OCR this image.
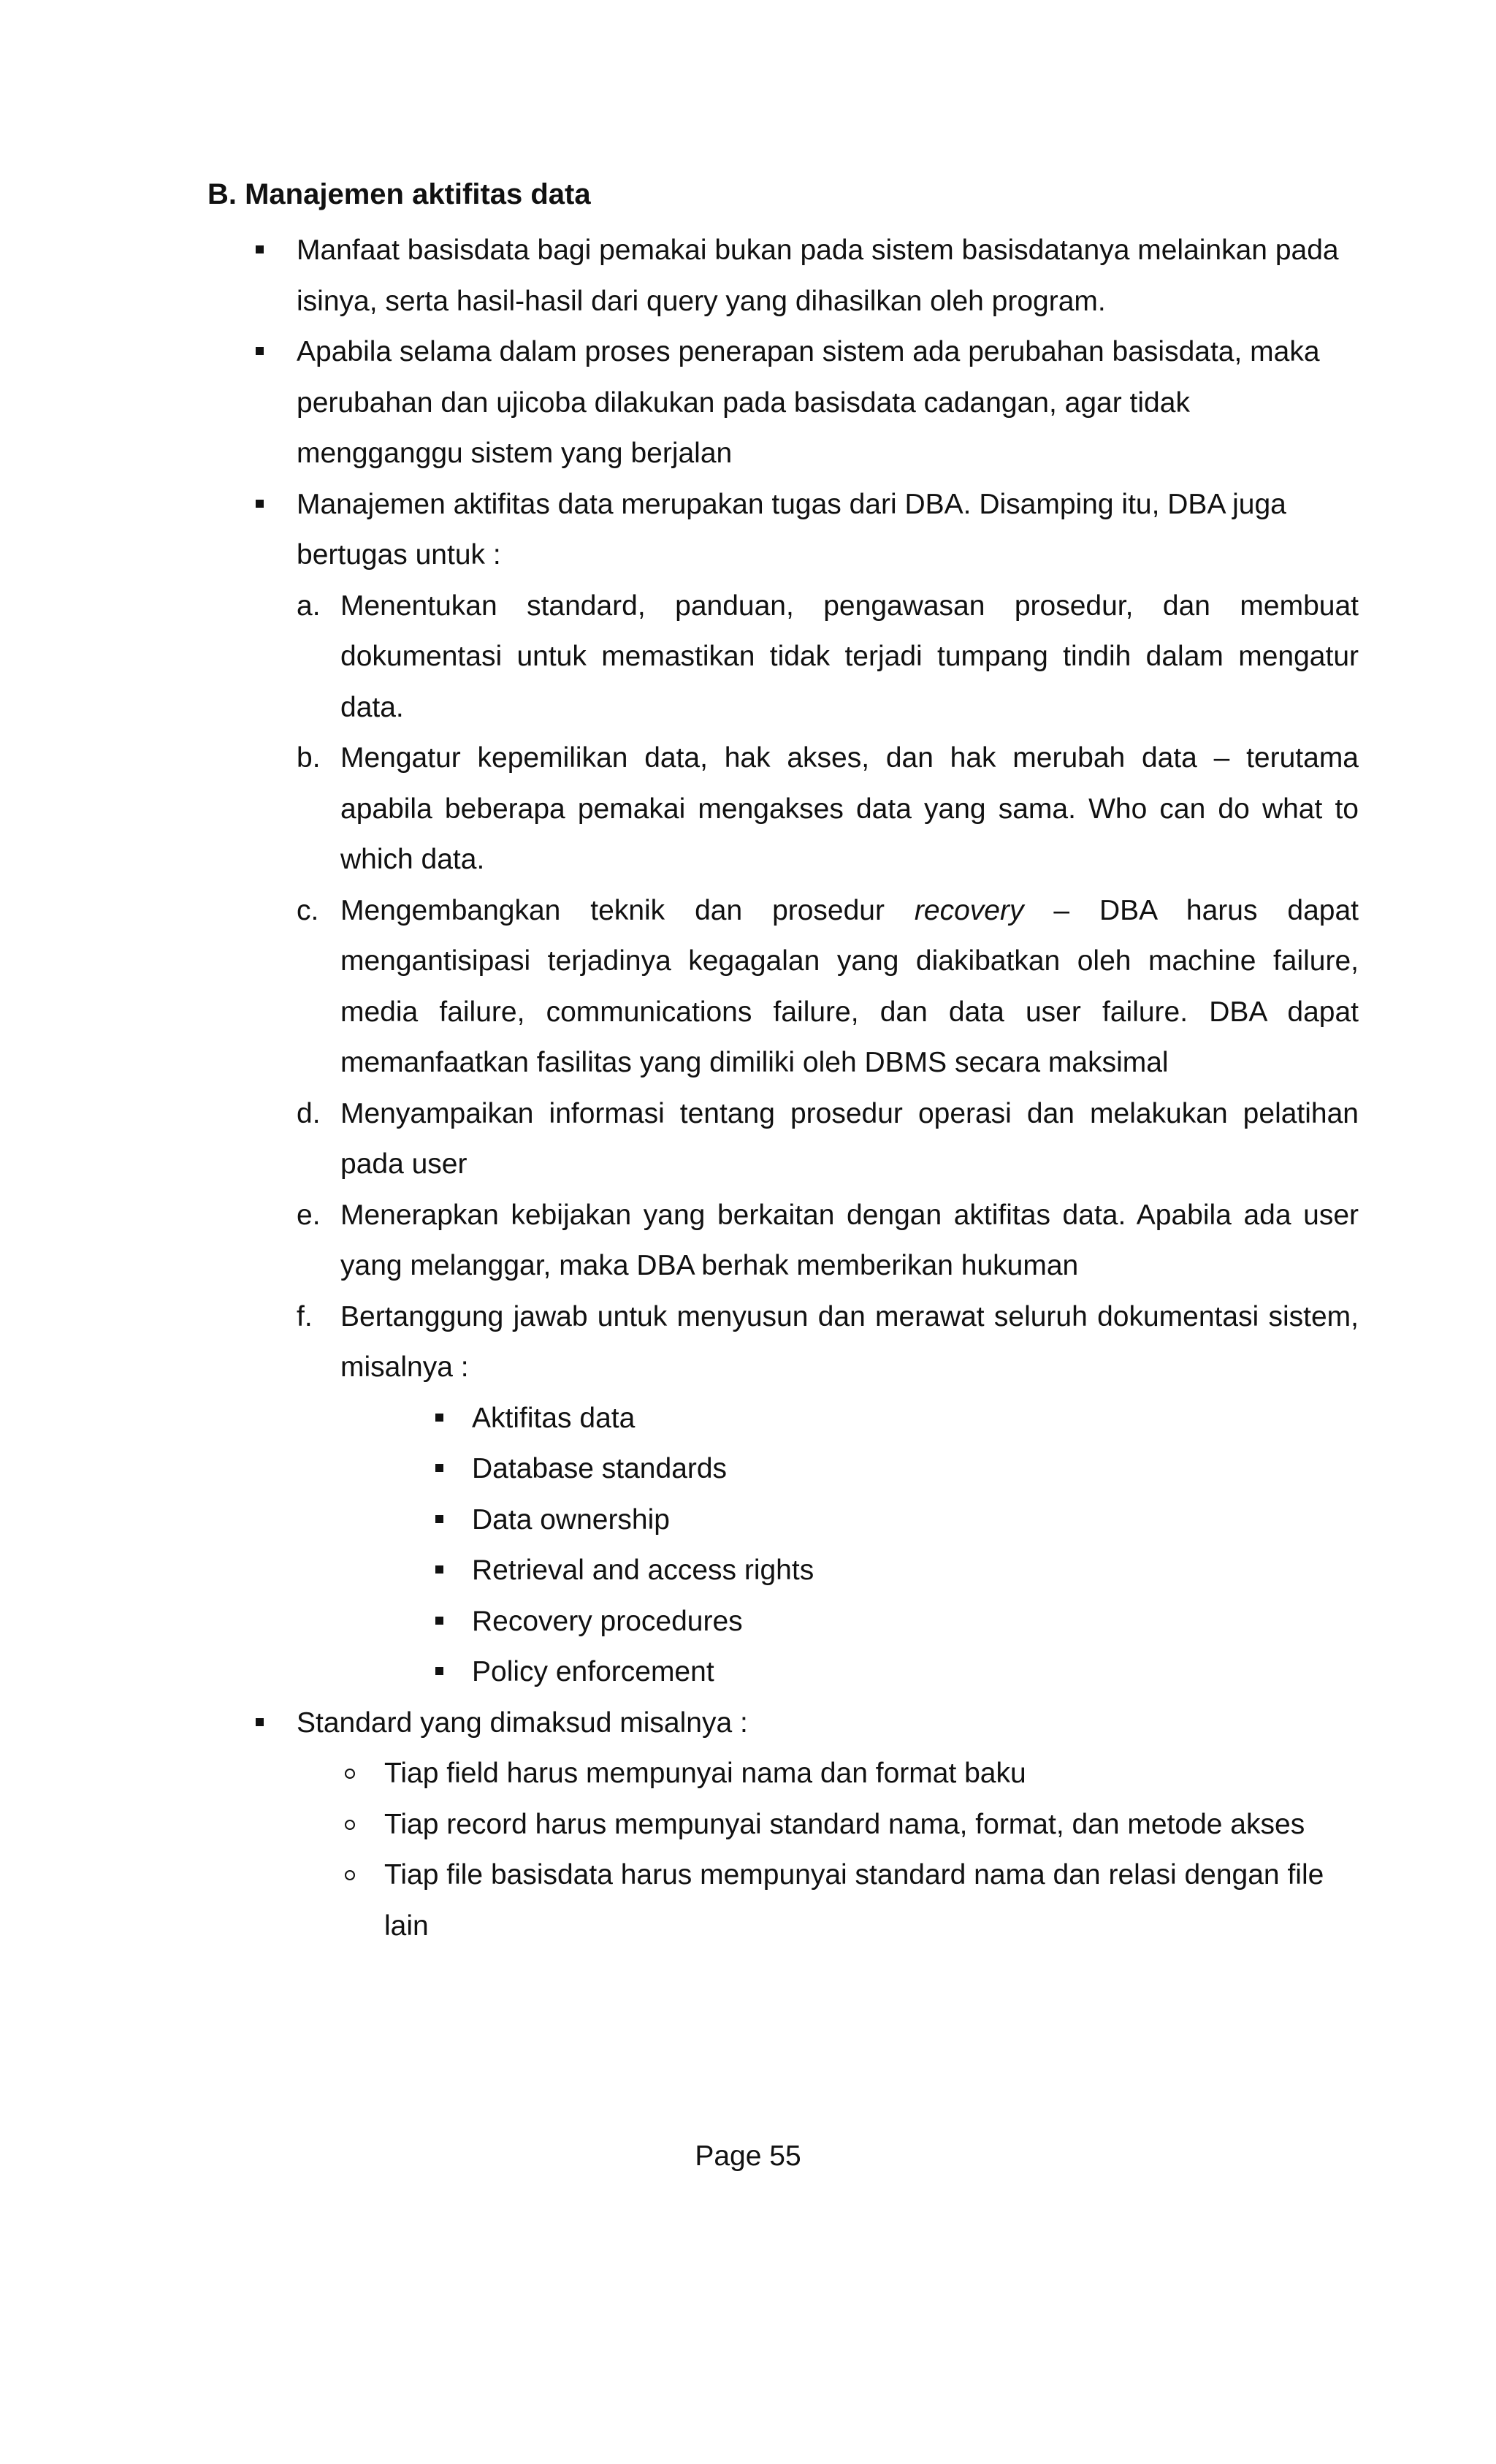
B. Manajemen aktifitas data
Manfaat basisdata bagi pemakai bukan pada sistem basisdatanya melainkan pada isinya, serta hasil-hasil dari query yang dihasilkan oleh program.
Apabila selama dalam proses penerapan sistem ada perubahan basisdata, maka perubahan dan ujicoba dilakukan pada basisdata cadangan, agar tidak mengganggu sistem yang berjalan
Manajemen aktifitas data merupakan tugas dari DBA. Disamping itu, DBA juga bertugas untuk :
a. Menentukan standard, panduan, pengawasan prosedur, dan membuat dokumentasi untuk memastikan tidak terjadi tumpang tindih dalam mengatur data.
b. Mengatur kepemilikan data, hak akses, dan hak merubah data – terutama apabila beberapa pemakai mengakses data yang sama. Who can do what to which data.
c. Mengembangkan teknik dan prosedur recovery – DBA harus dapat mengantisipasi terjadinya kegagalan yang diakibatkan oleh machine failure, media failure, communications failure, dan data user failure. DBA dapat memanfaatkan fasilitas yang dimiliki oleh DBMS secara maksimal
d. Menyampaikan informasi tentang prosedur operasi dan melakukan pelatihan pada user
e. Menerapkan kebijakan yang berkaitan dengan aktifitas data. Apabila ada user yang melanggar, maka DBA berhak memberikan hukuman
f. Bertanggung jawab untuk menyusun dan merawat seluruh dokumentasi sistem, misalnya :
Aktifitas data
Database standards
Data ownership
Retrieval and access rights
Recovery procedures
Policy enforcement
Standard yang dimaksud misalnya :
Tiap field harus mempunyai nama dan format baku
Tiap record harus mempunyai standard nama, format, dan metode akses
Tiap file basisdata harus mempunyai standard nama dan relasi dengan file lain
Page 55
